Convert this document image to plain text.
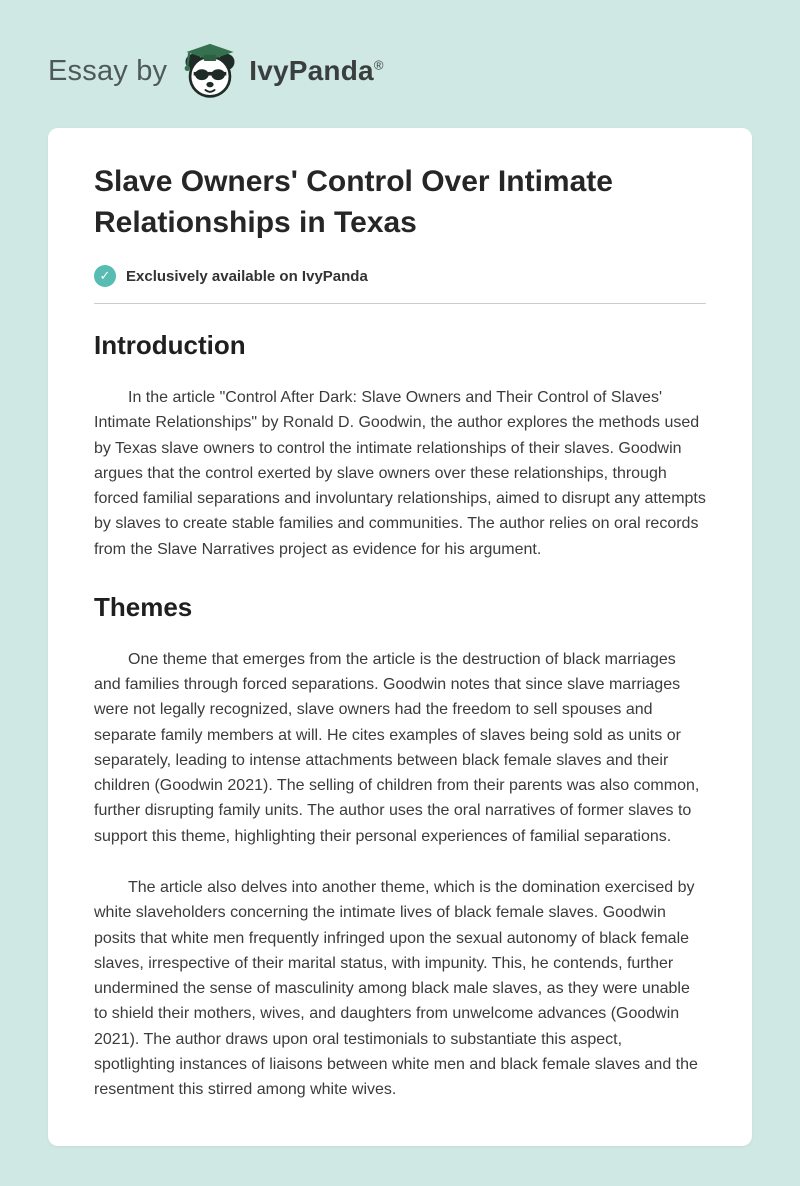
Essay by	IvyPanda®
Slave Owners' Control Over Intimate Relationships in Texas
✓	Exclusively available on IvyPanda
Introduction

In the article "Control After Dark: Slave Owners and Their Control of Slaves' Intimate Relationships" by Ronald D. Goodwin, the author explores the methods used by Texas slave owners to control the intimate relationships of their slaves. Goodwin argues that the control exerted by slave owners over these relationships, through forced familial separations and involuntary relationships, aimed to disrupt any attempts by slaves to create stable families and communities. The author relies on oral records from the Slave Narratives project as evidence for his argument.

Themes

One theme that emerges from the article is the destruction of black marriages and families through forced separations. Goodwin notes that since slave marriages were not legally recognized, slave owners had the freedom to sell spouses and separate family members at will. He cites examples of slaves being sold as units or separately, leading to intense attachments between black female slaves and their children (Goodwin 2021). The selling of children from their parents was also common, further disrupting family units. The author uses the oral narratives of former slaves to support this theme, highlighting their personal experiences of familial separations.

The article also delves into another theme, which is the domination exercised by white slaveholders concerning the intimate lives of black female slaves. Goodwin posits that white men frequently infringed upon the sexual autonomy of black female slaves, irrespective of their marital status, with impunity. This, he contends, further undermined the sense of masculinity among black male slaves, as they were unable to shield their mothers, wives, and daughters from unwelcome advances (Goodwin 2021). The author draws upon oral testimonials to substantiate this aspect, spotlighting instances of liaisons between white men and black female slaves and the resentment this stirred among white wives.
